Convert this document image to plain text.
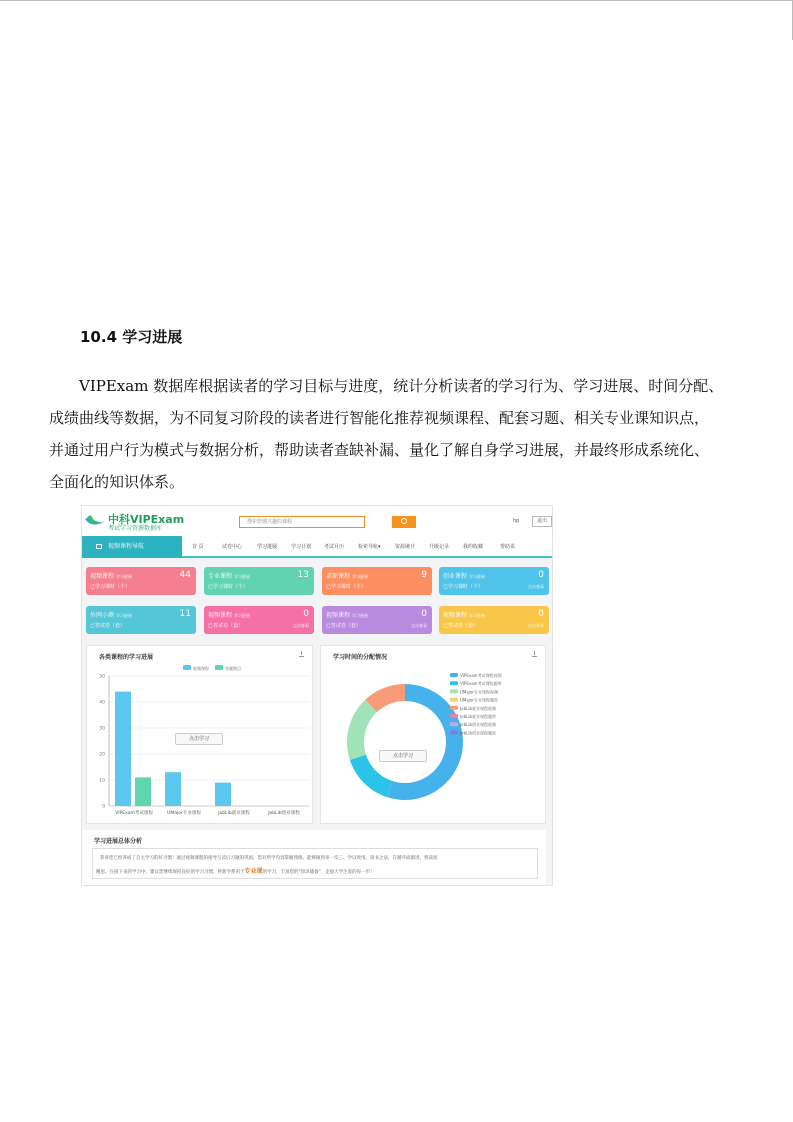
10.4 学习进展
VIPExam 数据库根据读者的学习目标与进度，统计分析读者的学习行为、学习进展、时间分配、
成绩曲线等数据，为不同复习阶段的读者进行智能化推荐视频课程、配套习题、相关专业课知识点，
并通过用户行为模式与数据分析，帮助读者查缺补漏、量化了解自身学习进展，并最终形成系统化、
全面化的知识体系。
中科VIPExam
考试学习资源数据库
搜索您感兴趣的课程	hp	退出
视频课程导航	首 页	试卷中心	学习进展	学习计划	考试月历	检索导航▾	资源统计	升级记录	我的收藏	帮助说
视频课程 学习进展	44
已学习课时（个）
专业课程 学习进展	13
已学习课时（个）
求职课程 学习进展	9
已学习课时（个）
创业课程 学习进展	0
已学习课时（个）	点击查看
外网小测 学习进展	11
已答试卷（套）
视频课程 学习进展	0
已答试卷（套）	点击查看
视频课程 学习进展	0
已答试卷（套）	点击查看
视频课程 学习进展	0
已答试卷（套）	点击查看
各类课程的学习进展
视频课程	答题数目
0
10
20
30
40
50
VIPExam考试课程	UMajor专业课程	JobLib就业课程	JobLib创业课程
点击学习
学习时间的分配情况
VIPExam考试课程视频
VIPExam考试课程题库
UMajor专业课程视频
UMajor专业课程题库
JobLib就业课程视频
JobLib就业课程题库
JobLib创业课程视频
JobLib创业课程题库
点击学习
学习进展总体分析
恭喜您已经养成了自主学习的好习惯！通过视频课程的指导与读后习题的巩固，您对所学内容掌握熟练，能够做到举一反三、学以致用。读书之法，在循序而渐进，熟读而
精思。在接下来的学习中，建议您继续保持良好的学习习惯，将新学系用于专业课的学习，丰富您的"知识储备"，走稳大学生涯的每一步！
